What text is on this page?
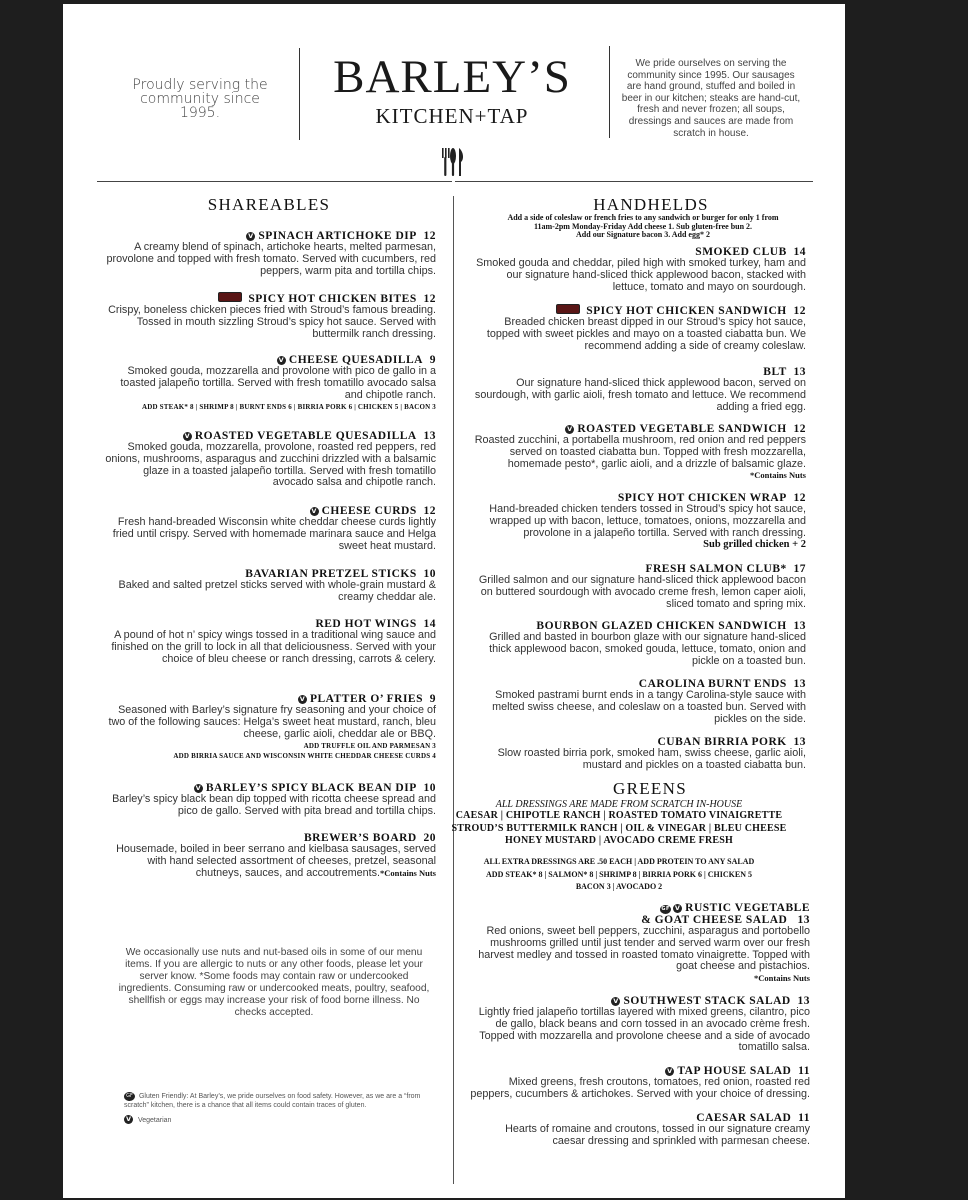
Proudly serving the
community since 1995.
BARLEY’S
KITCHEN+TAP
We pride ourselves on serving the community since 1995. Our sausages are hand ground, stuffed and boiled in beer in our kitchen; steaks are hand-cut, fresh and never frozen; all soups, dressings and sauces are made from scratch in house.
SHAREABLES
V SPINACH ARTICHOKE DIP 12
A creamy blend of spinach, artichoke hearts, melted parmesan, provolone and topped with fresh tomato. Served with cucumbers, red peppers, warm pita and tortilla chips.
SPICY HOT CHICKEN BITES 12
Crispy, boneless chicken pieces fried with Stroud’s famous breading. Tossed in mouth sizzling Stroud’s spicy hot sauce. Served with buttermilk ranch dressing.
V CHEESE QUESADILLA 9
Smoked gouda, mozzarella and provolone with pico de gallo in a toasted jalapeño tortilla. Served with fresh tomatillo avocado salsa and chipotle ranch.
ADD STEAK* 8 | SHRIMP 8 | BURNT ENDS 6 | BIRRIA PORK 6 | CHICKEN 5 | BACON 3
V ROASTED VEGETABLE QUESADILLA 13
Smoked gouda, mozzarella, provolone, roasted red peppers, red onions, mushrooms, asparagus and zucchini drizzled with a balsamic glaze in a toasted jalapeño tortilla. Served with fresh tomatillo avocado salsa and chipotle ranch.
V CHEESE CURDS 12
Fresh hand-breaded Wisconsin white cheddar cheese curds lightly fried until crispy. Served with homemade marinara sauce and Helga sweet heat mustard.
BAVARIAN PRETZEL STICKS 10
Baked and salted pretzel sticks served with whole-grain mustard & creamy cheddar ale.
RED HOT WINGS 14
A pound of hot n’ spicy wings tossed in a traditional wing sauce and finished on the grill to lock in all that deliciousness. Served with your choice of bleu cheese or ranch dressing, carrots & celery.
V PLATTER O’ FRIES 9
Seasoned with Barley’s signature fry seasoning and your choice of two of the following sauces: Helga’s sweet heat mustard, ranch, bleu cheese, garlic aioli, cheddar ale or BBQ.
ADD TRUFFLE OIL AND PARMESAN 3
ADD BIRRIA SAUCE AND WISCONSIN WHITE CHEDDAR CHEESE CURDS 4
V BARLEY’S SPICY BLACK BEAN DIP 10
Barley’s spicy black bean dip topped with ricotta cheese spread and pico de gallo. Served with pita bread and tortilla chips.
BREWER’S BOARD 20
Housemade, boiled in beer serrano and kielbasa sausages, served with hand selected assortment of cheeses, pretzel, seasonal chutneys, sauces, and accoutrements.*Contains Nuts
We occasionally use nuts and nut-based oils in some of our menu items. If you are allergic to nuts or any other foods, please let your server know. *Some foods may contain raw or undercooked ingredients. Consuming raw or undercooked meats, poultry, seafood, shellfish or eggs may increase your risk of food borne illness. No checks accepted.
GF Gluten Friendly: At Barley’s, we pride ourselves on food safety. However, as we are a “from scratch” kitchen, there is a chance that all items could contain traces of gluten.
V Vegetarian
HANDHELDS
Add a side of coleslaw or french fries to any sandwich or burger for only 1 from
11am-2pm Monday-Friday Add cheese 1. Sub gluten-free bun 2.
Add our Signature bacon 3. Add egg* 2
SMOKED CLUB 14
Smoked gouda and cheddar, piled high with smoked turkey, ham and our signature hand-sliced thick applewood bacon, stacked with lettuce, tomato and mayo on sourdough.
SPICY HOT CHICKEN SANDWICH 12
Breaded chicken breast dipped in our Stroud’s spicy hot sauce, topped with sweet pickles and mayo on a toasted ciabatta bun. We recommend adding a side of creamy coleslaw.
BLT 13
Our signature hand-sliced thick applewood bacon, served on sourdough, with garlic aioli, fresh tomato and lettuce. We recommend adding a fried egg.
V ROASTED VEGETABLE SANDWICH 12
Roasted zucchini, a portabella mushroom, red onion and red peppers served on toasted ciabatta bun. Topped with fresh mozzarella, homemade pesto*, garlic aioli, and a drizzle of balsamic glaze. *Contains Nuts
SPICY HOT CHICKEN WRAP 12
Hand-breaded chicken tenders tossed in Stroud’s spicy hot sauce, wrapped up with bacon, lettuce, tomatoes, onions, mozzarella and provolone in a jalapeño tortilla. Served with ranch dressing.
Sub grilled chicken + 2
FRESH SALMON CLUB* 17
Grilled salmon and our signature hand-sliced thick applewood bacon on buttered sourdough with avocado creme fresh, lemon caper aioli, sliced tomato and spring mix.
BOURBON GLAZED CHICKEN SANDWICH 13
Grilled and basted in bourbon glaze with our signature hand-sliced thick applewood bacon, smoked gouda, lettuce, tomato, onion and pickle on a toasted bun.
CAROLINA BURNT ENDS 13
Smoked pastrami burnt ends in a tangy Carolina-style sauce with melted swiss cheese, and coleslaw on a toasted bun. Served with pickles on the side.
CUBAN BIRRIA PORK 13
Slow roasted birria pork, smoked ham, swiss cheese, garlic aioli, mustard and pickles on a toasted ciabatta bun.
GREENS
ALL DRESSINGS ARE MADE FROM SCRATCH IN-HOUSE
CAESAR | CHIPOTLE RANCH | ROASTED TOMATO VINAIGRETTE
STROUD’S BUTTERMILK RANCH | OIL & VINEGAR | BLEU CHEESE
HONEY MUSTARD | AVOCADO CREME FRESH
ALL EXTRA DRESSINGS ARE .50 EACH | ADD PROTEIN TO ANY SALAD
ADD STEAK* 8 | SALMON* 8 | SHRIMP 8 | BIRRIA PORK 6 | CHICKEN 5
BACON 3 | AVOCADO 2
GF V RUSTIC VEGETABLE
& GOAT CHEESE SALAD 13
Red onions, sweet bell peppers, zucchini, asparagus and portobello mushrooms grilled until just tender and served warm over our fresh harvest medley and tossed in roasted tomato vinaigrette. Topped with goat cheese and pistachios.
*Contains Nuts
V SOUTHWEST STACK SALAD 13
Lightly fried jalapeño tortillas layered with mixed greens, cilantro, pico de gallo, black beans and corn tossed in an avocado crème fresh. Topped with mozzarella and provolone cheese and a side of avocado tomatillo salsa.
V TAP HOUSE SALAD 11
Mixed greens, fresh croutons, tomatoes, red onion, roasted red peppers, cucumbers & artichokes. Served with your choice of dressing.
CAESAR SALAD 11
Hearts of romaine and croutons, tossed in our signature creamy caesar dressing and sprinkled with parmesan cheese.
